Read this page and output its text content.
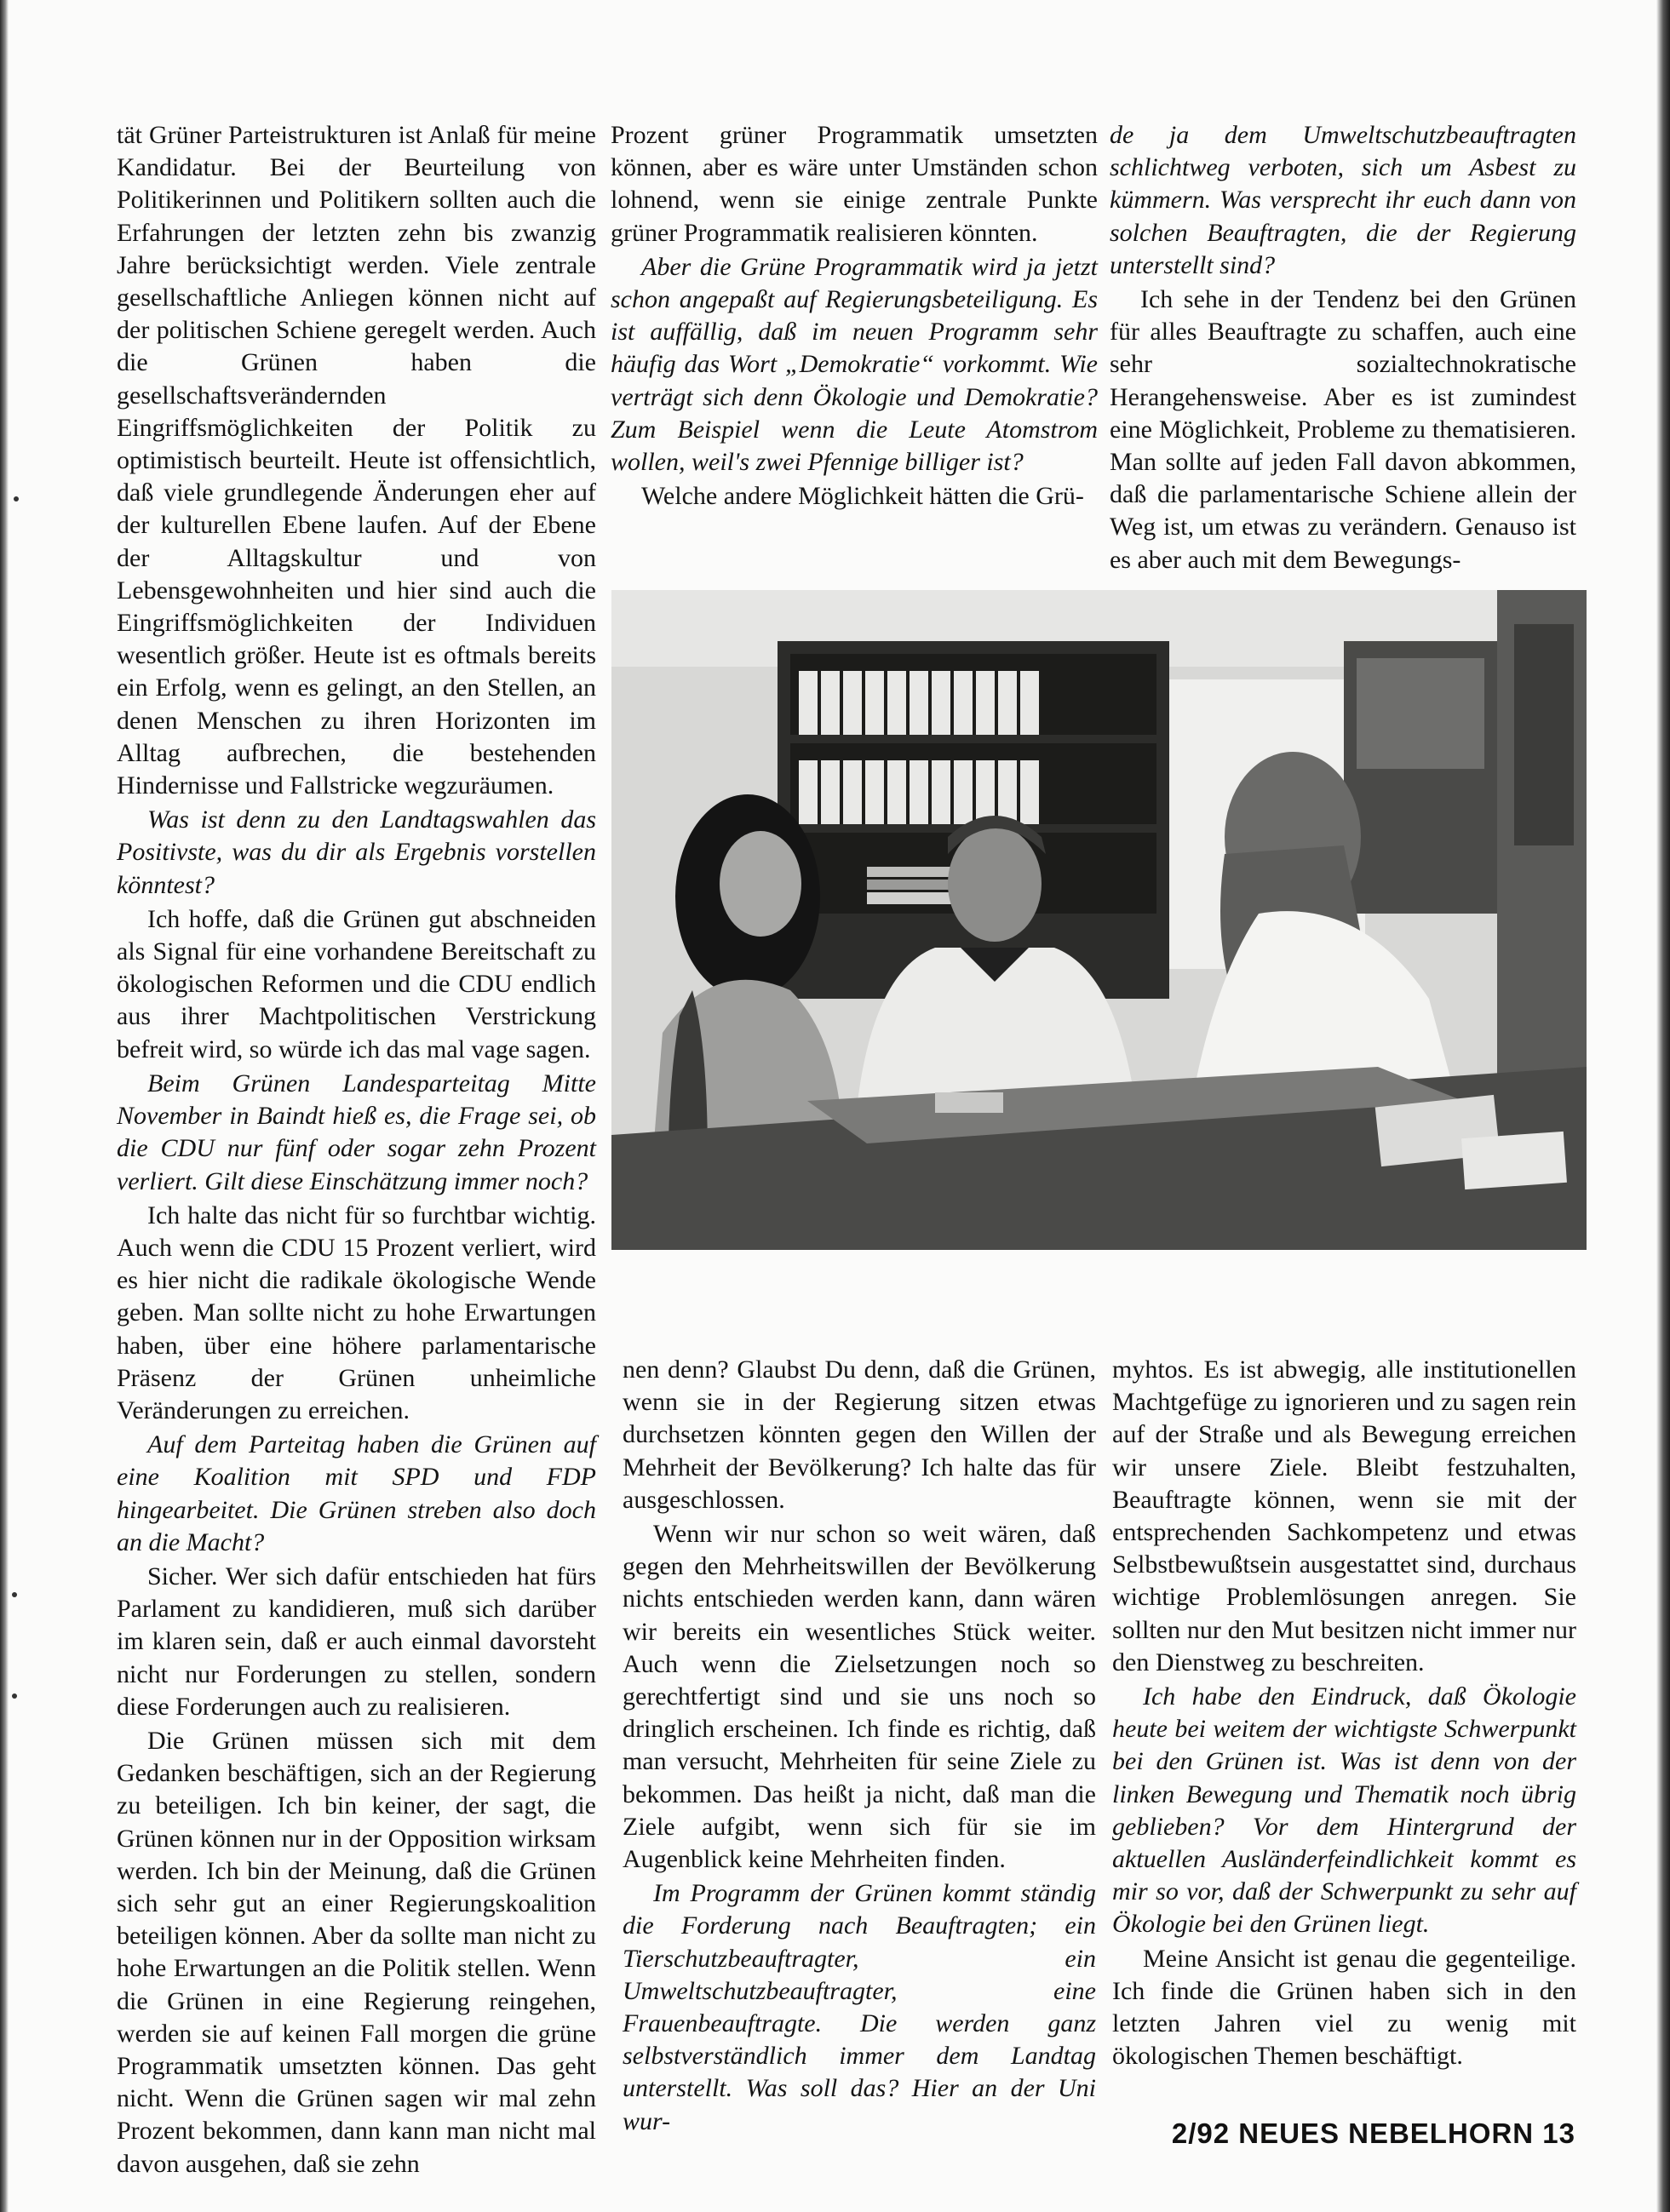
tät Grüner Parteistrukturen ist Anlaß für meine Kandidatur. Bei der Beurteilung von Politikerinnen und Politikern sollten auch die Erfahrungen der letzten zehn bis zwanzig Jahre berücksichtigt werden. Viele zentrale gesellschaftliche Anliegen können nicht auf der politischen Schiene geregelt werden. Auch die Grünen haben die gesellschaftsverändernden Eingriffsmöglichkeiten der Politik zu optimistisch beurteilt. Heute ist offensichtlich, daß viele grundlegende Änderungen eher auf der kulturellen Ebene laufen. Auf der Ebene der Alltagskultur und von Lebensgewohnheiten und hier sind auch die Eingriffsmöglichkeiten der Individuen wesentlich größer. Heute ist es oftmals bereits ein Erfolg, wenn es gelingt, an den Stellen, an denen Menschen zu ihren Horizonten im Alltag aufbrechen, die bestehenden Hindernisse und Fallstricke wegzuräumen.

Was ist denn zu den Landtagswahlen das Positivste, was du dir als Ergebnis vorstellen könntest?

Ich hoffe, daß die Grünen gut abschneiden als Signal für eine vorhandene Bereitschaft zu ökologischen Reformen und die CDU endlich aus ihrer Machtpolitischen Verstrickung befreit wird, so würde ich das mal vage sagen.

Beim Grünen Landesparteitag Mitte November in Baindt hieß es, die Frage sei, ob die CDU nur fünf oder sogar zehn Prozent verliert. Gilt diese Einschätzung immer noch?

Ich halte das nicht für so furchtbar wichtig. Auch wenn die CDU 15 Prozent verliert, wird es hier nicht die radikale ökologische Wende geben. Man sollte nicht zu hohe Erwartungen haben, über eine höhere parlamentarische Präsenz der Grünen unheimliche Veränderungen zu erreichen.

Auf dem Parteitag haben die Grünen auf eine Koalition mit SPD und FDP hingearbeitet. Die Grünen streben also doch an die Macht?

Sicher. Wer sich dafür entschieden hat fürs Parlament zu kandidieren, muß sich darüber im klaren sein, daß er auch einmal davorsteht nicht nur Forderungen zu stellen, sondern diese Forderungen auch zu realisieren.

Die Grünen müssen sich mit dem Gedanken beschäftigen, sich an der Regierung zu beteiligen. Ich bin keiner, der sagt, die Grünen können nur in der Opposition wirksam werden. Ich bin der Meinung, daß die Grünen sich sehr gut an einer Regierungskoalition beteiligen können. Aber da sollte man nicht zu hohe Erwartungen an die Politik stellen. Wenn die Grünen in eine Regierung reingehen, werden sie auf keinen Fall morgen die grüne Programmatik umsetzten können. Das geht nicht. Wenn die Grünen sagen wir mal zehn Prozent bekommen, dann kann man nicht mal davon ausgehen, daß sie zehn

Prozent grüner Programmatik umsetzten können, aber es wäre unter Umständen schon lohnend, wenn sie einige zentrale Punkte grüner Programmatik realisieren könnten.

Aber die Grüne Programmatik wird ja jetzt schon angepaßt auf Regierungsbeteiligung. Es ist auffällig, daß im neuen Programm sehr häufig das Wort „Demokratie“ vorkommt. Wie verträgt sich denn Ökologie und Demokratie? Zum Beispiel wenn die Leute Atomstrom wollen, weil's zwei Pfennige billiger ist?

Welche andere Möglichkeit hätten die Grü-

de ja dem Umweltschutzbeauftragten schlichtweg verboten, sich um Asbest zu kümmern. Was versprecht ihr euch dann von solchen Beauftragten, die der Regierung unterstellt sind?

Ich sehe in der Tendenz bei den Grünen für alles Beauftragte zu schaffen, auch eine sehr sozialtechnokratische Herangehensweise. Aber es ist zumindest eine Möglichkeit, Probleme zu thematisieren. Man sollte auf jeden Fall davon abkommen, daß die parlamentarische Schiene allein der Weg ist, um etwas zu verändern. Genauso ist es aber auch mit dem Bewegungs-

nen denn? Glaubst Du denn, daß die Grünen, wenn sie in der Regierung sitzen etwas durchsetzen könnten gegen den Willen der Mehrheit der Bevölkerung? Ich halte das für ausgeschlossen.

Wenn wir nur schon so weit wären, daß gegen den Mehrheitswillen der Bevölkerung nichts entschieden werden kann, dann wären wir bereits ein wesentliches Stück weiter. Auch wenn die Zielsetzungen noch so gerechtfertigt sind und sie uns noch so dringlich erscheinen. Ich finde es richtig, daß man versucht, Mehrheiten für seine Ziele zu bekommen. Das heißt ja nicht, daß man die Ziele aufgibt, wenn sich für sie im Augenblick keine Mehrheiten finden.

Im Programm der Grünen kommt ständig die Forderung nach Beauftragten; ein Tierschutzbeauftragter, ein Umweltschutzbeauftragter, eine Frauenbeauftragte. Die werden ganz selbstverständlich immer dem Landtag unterstellt. Was soll das? Hier an der Uni wur-

myhtos. Es ist abwegig, alle institutionellen Machtgefüge zu ignorieren und zu sagen rein auf der Straße und als Bewegung erreichen wir unsere Ziele. Bleibt festzuhalten, Beauftragte können, wenn sie mit der entsprechenden Sachkompetenz und etwas Selbstbewußtsein ausgestattet sind, durchaus wichtige Problemlösungen anregen. Sie sollten nur den Mut besitzen nicht immer nur den Dienstweg zu beschreiten.

Ich habe den Eindruck, daß Ökologie heute bei weitem der wichtigste Schwerpunkt bei den Grünen ist. Was ist denn von der linken Bewegung und Thematik noch übrig geblieben? Vor dem Hintergrund der aktuellen Ausländerfeindlichkeit kommt es mir so vor, daß der Schwerpunkt zu sehr auf Ökologie bei den Grünen liegt.

Meine Ansicht ist genau die gegenteilige. Ich finde die Grünen haben sich in den letzten Jahren viel zu wenig mit ökologischen Themen beschäftigt.

2/92 NEUES NEBELHORN 13
